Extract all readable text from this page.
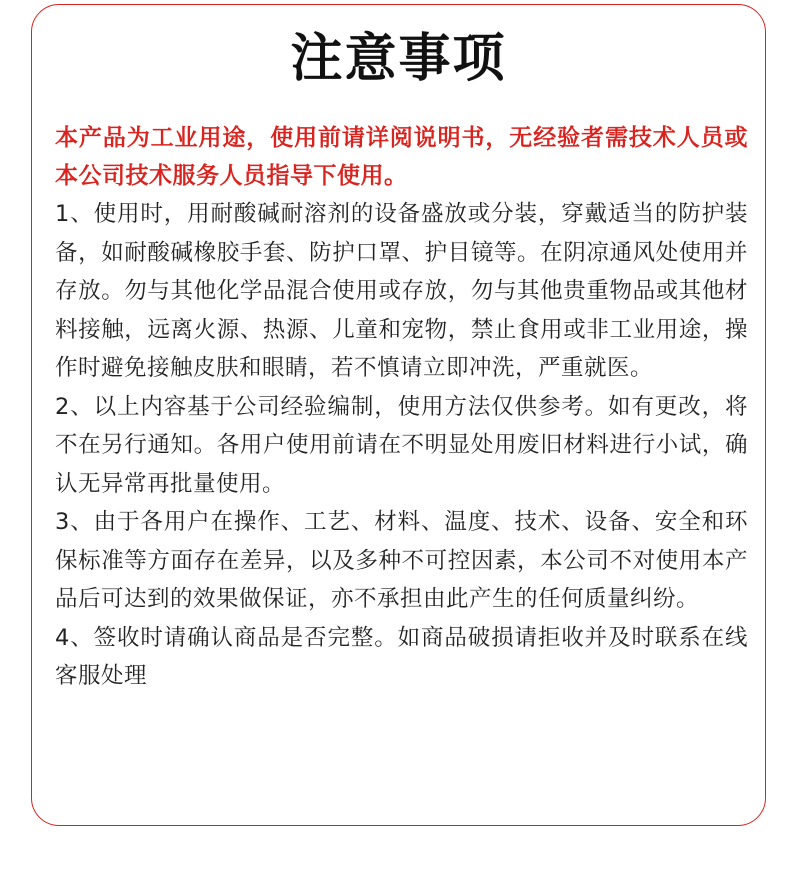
注意事项

本产品为工业用途，使用前请详阅说明书，无经验者需技术人员或本公司技术服务人员指导下使用。

1、使用时，用耐酸碱耐溶剂的设备盛放或分装，穿戴适当的防护装备，如耐酸碱橡胶手套、防护口罩、护目镜等。在阴凉通风处使用并存放。勿与其他化学品混合使用或存放，勿与其他贵重物品或其他材料接触，远离火源、热源、儿童和宠物，禁止食用或非工业用途，操作时避免接触皮肤和眼睛，若不慎请立即冲洗，严重就医。

2、以上内容基于公司经验编制，使用方法仅供参考。如有更改，将不在另行通知。各用户使用前请在不明显处用废旧材料进行小试，确认无异常再批量使用。

3、由于各用户在操作、工艺、材料、温度、技术、设备、安全和环保标准等方面存在差异，以及多种不可控因素，本公司不对使用本产品后可达到的效果做保证，亦不承担由此产生的任何质量纠纷。

4、签收时请确认商品是否完整。如商品破损请拒收并及时联系在线客服处理
